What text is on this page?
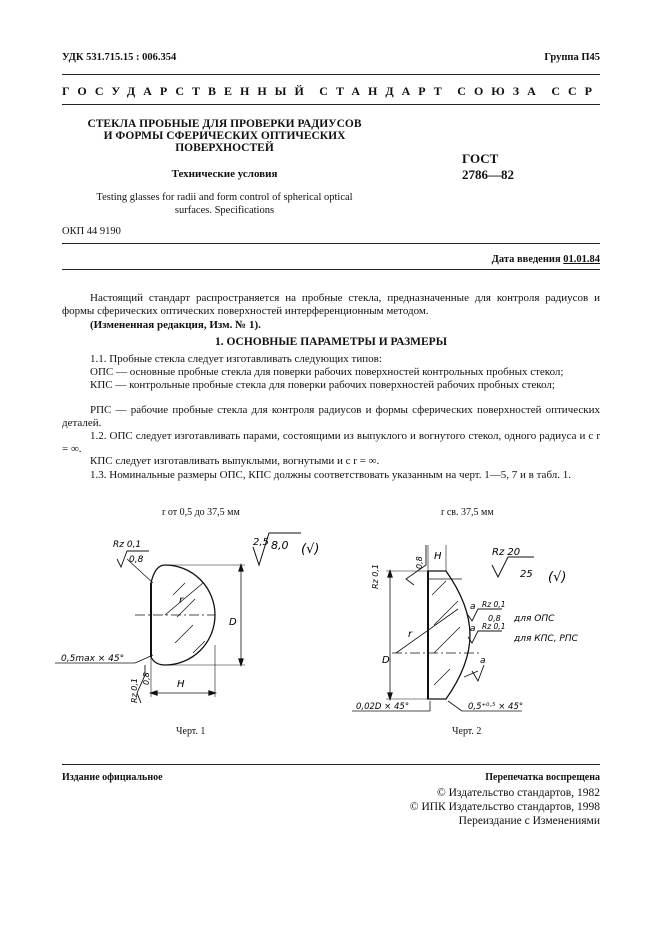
УДК 531.715.15 : 006.354	Группа П45
ГОСУДАРСТВЕННЫЙ СТАНДАРТ СОЮЗА ССР
СТЕКЛА ПРОБНЫЕ ДЛЯ ПРОВЕРКИ РАДИУСОВ
И ФОРМЫ СФЕРИЧЕСКИХ ОПТИЧЕСКИХ
ПОВЕРХНОСТЕЙ
Технические условия
Testing glasses for radii and form control of spherical optical
surfaces. Specifications
ГОСТ
2786—82
ОКП 44 9190
Дата введения 01.01.84
Настоящий стандарт распространяется на пробные стекла, предназначенные для контроля радиусов и формы сферических оптических поверхностей интерференционным методом.
(Измененная редакция, Изм. № 1).
1. ОСНОВНЫЕ ПАРАМЕТРЫ И РАЗМЕРЫ
1.1. Пробные стекла следует изготавливать следующих типов:
ОПС — основные пробные стекла для поверки рабочих поверхностей контрольных пробных стекол;
КПС — контрольные пробные стекла для поверки рабочих поверхностей рабочих пробных стекол;
РПС — рабочие пробные стекла для контроля радиусов и формы сферических поверхностей оптических деталей.
1.2. ОПС следует изготавливать парами, состоящими из выпуклого и вогнутого стекол, одного радиуса и с r = ∞.
КПС следует изготавливать выпуклыми, вогнутыми и с r = ∞.
1.3. Номинальные размеры ОПС, КПС должны соответствовать указанным на черт. 1—5, 7 и в табл. 1.
r от 0,5 до 37,5 мм	r св. 37,5 мм
Rz 0,1
0,8
2,5 8,0 (√)
r
D
H
0,5max × 45°
Rz 0,1 0,8
Rz 0,1
0,8
Rz 20
25 (√)
H
r
D
a Rz 0,1
0,8 для ОПС
a Rz 0,1
для КПС, РПС
a
0,02D × 45°	0,5⁺⁰·⁵ × 45°
Черт. 1	Черт. 2
Издание официальное	Перепечатка воспрещена
© Издательство стандартов, 1982
© ИПК Издательство стандартов, 1998
Переиздание с Изменениями
